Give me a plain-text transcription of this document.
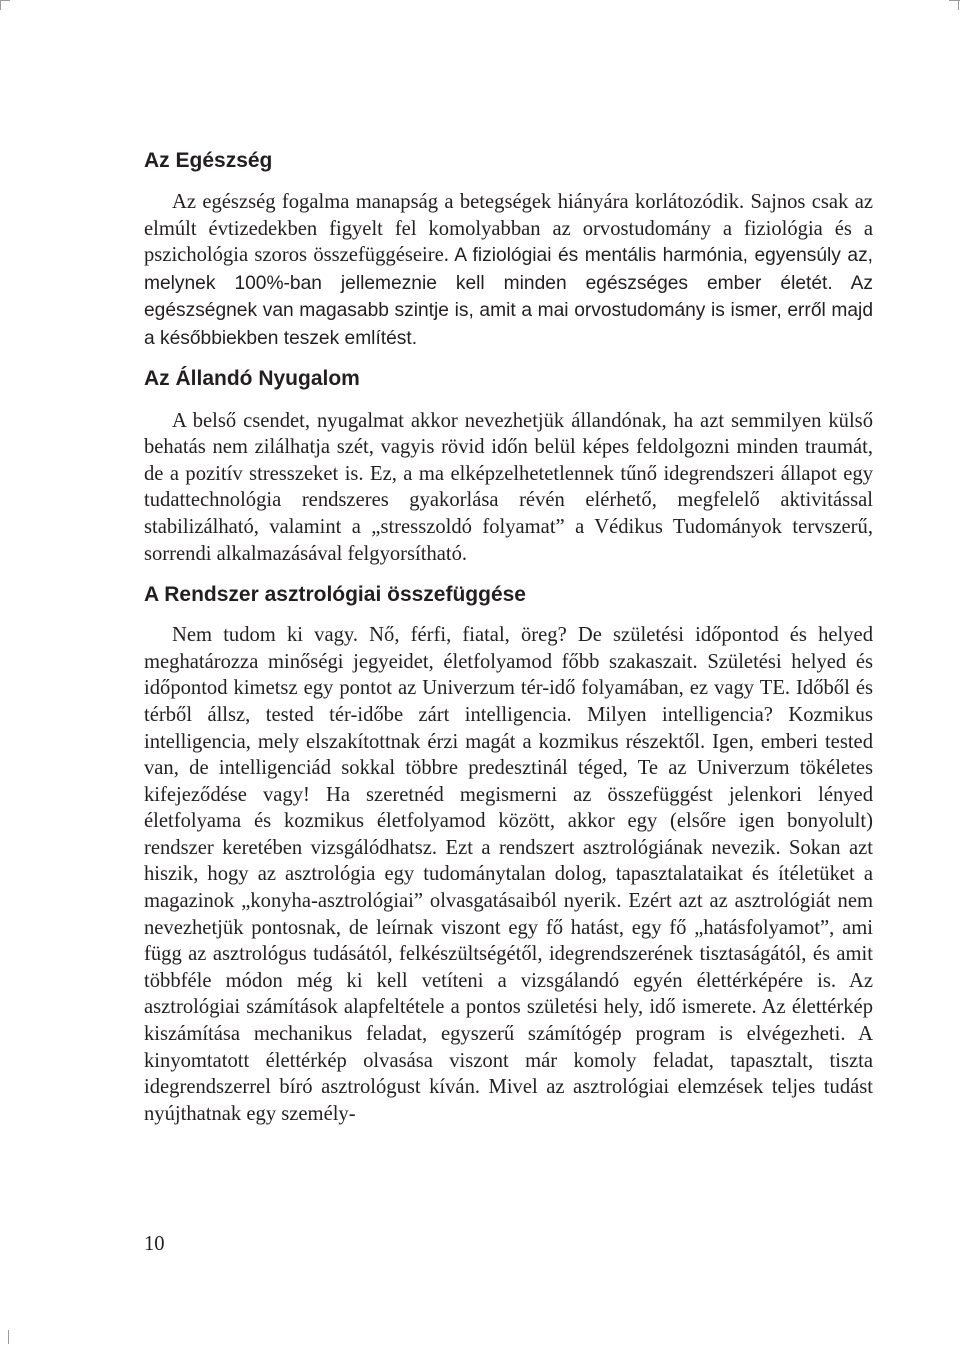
Az Egészség

Az egészség fogalma manapság a betegségek hiányára korlátozódik. Sajnos csak az elmúlt évtizedekben figyelt fel komolyabban az orvostudomány a fiziológia és a pszichológia szoros összefüggéseire. A fiziológiai és mentális harmónia, egyensúly az, melynek 100%-ban jellemeznie kell minden egészséges ember életét. Az egészségnek van magasabb szintje is, amit a mai orvostudomány is ismer, erről majd a későbbiekben teszek említést.

Az Állandó Nyugalom

A belső csendet, nyugalmat akkor nevezhetjük állandónak, ha azt semmilyen külső behatás nem zilálhatja szét, vagyis rövid időn belül képes feldolgozni minden traumát, de a pozitív stresszeket is. Ez, a ma elképzelhetetlennek tűnő idegrendszeri állapot egy tudattechnológia rendszeres gyakorlása révén elérhető, megfelelő aktivitással stabilizálható, valamint a „stresszoldó folyamat” a Védikus Tudományok tervszerű, sorrendi alkalmazásával felgyorsítható.

A Rendszer asztrológiai összefüggése

Nem tudom ki vagy. Nő, férfi, fiatal, öreg? De születési időpontod és helyed meghatározza minőségi jegyeidet, életfolyamod főbb szakaszait. Születési helyed és időpontod kimetsz egy pontot az Univerzum tér-idő folyamában, ez vagy TE. Időből és térből állsz, tested tér-időbe zárt intelligencia. Milyen intelligencia? Kozmikus intelligencia, mely elszakítottnak érzi magát a kozmikus részektől. Igen, emberi tested van, de intelligenciád sokkal többre predesztinál téged, Te az Univerzum tökéletes kifejeződése vagy! Ha szeretnéd megismerni az összefüggést jelenkori lényed életfolyama és kozmikus életfolyamod között, akkor egy (elsőre igen bonyolult) rendszer keretében vizsgálódhatsz. Ezt a rendszert asztrológiának nevezik. Sokan azt hiszik, hogy az asztrológia egy tudománytalan dolog, tapasztalataikat és ítéletüket a magazinok „konyha-asztrológiai” olvasgatásaiból nyerik. Ezért azt az asztrológiát nem nevezhetjük pontosnak, de leírnak viszont egy fő hatást, egy fő „hatásfolyamot”, ami függ az asztrológus tudásától, felkészültségétől, idegrendszerének tisztaságától, és amit többféle módon még ki kell vetíteni a vizsgálandó egyén élettérképére is. Az asztrológiai számítások alapfeltétele a pontos születési hely, idő ismerete. Az élettérkép kiszámítása mechanikus feladat, egyszerű számítógép program is elvégezheti. A kinyomtatott élettérkép olvasása viszont már komoly feladat, tapasztalt, tiszta idegrendszerrel bíró asztrológust kíván. Mivel az asztrológiai elemzések teljes tudást nyújthatnak egy személy-

10
